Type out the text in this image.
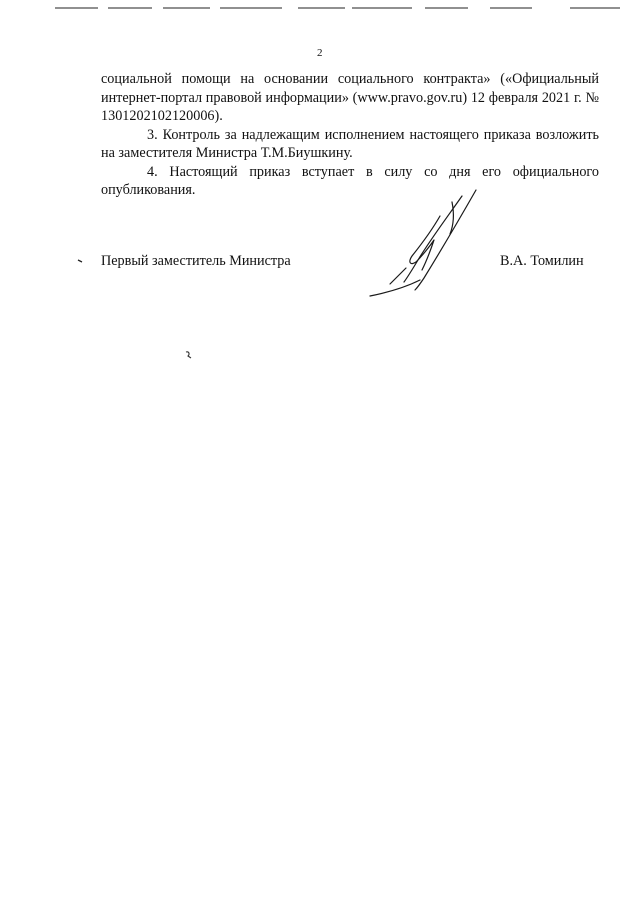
2

социальной помощи на основании социального контракта» («Официальный интернет-портал правовой информации» (www.pravo.gov.ru) 12 февраля 2021 г. № 1301202102120006).

3. Контроль за надлежащим исполнением настоящего приказа возложить на заместителя Министра Т.М.Биушкину.

4. Настоящий приказ вступает в силу со дня его официального опубликования.

Первый заместитель Министра	В.А. Томилин
